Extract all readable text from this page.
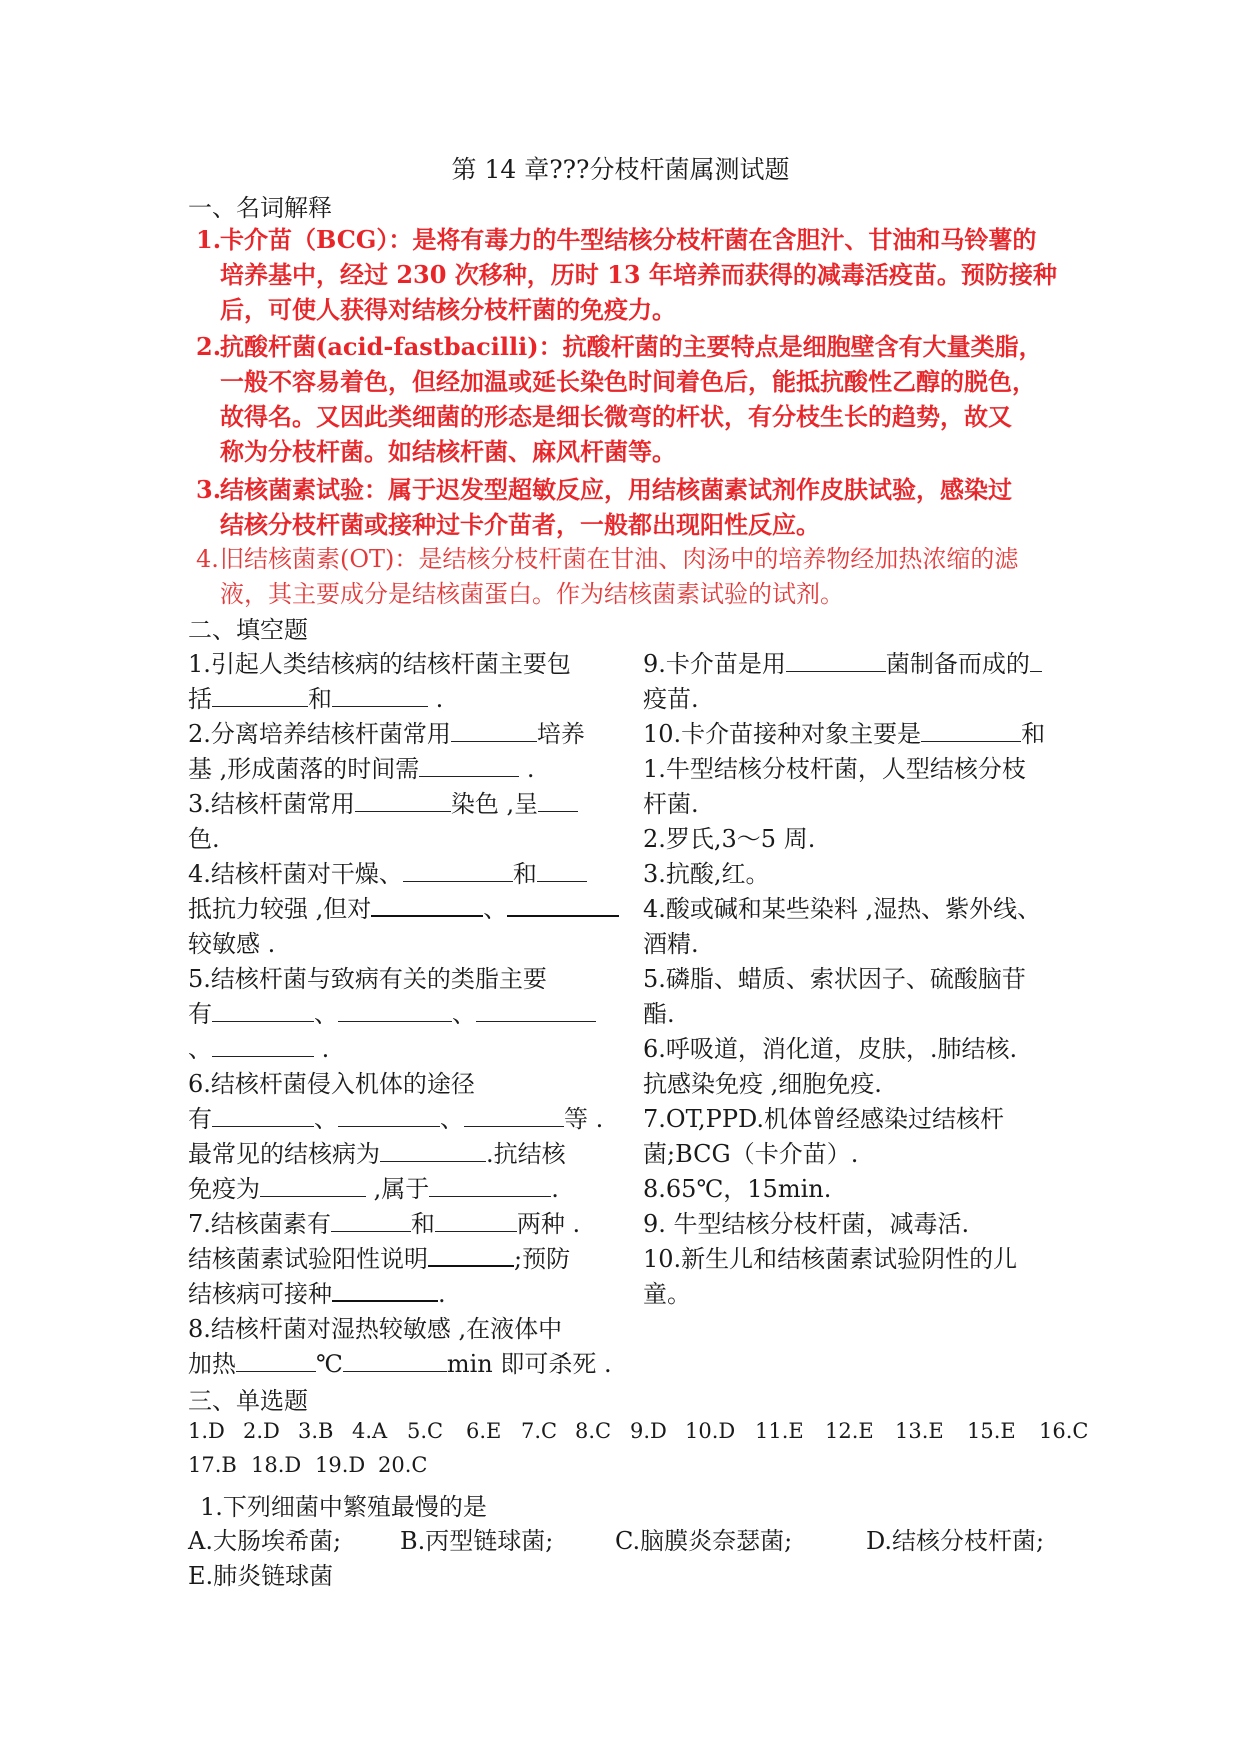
第 14 章???分枝杆菌属测试题
一、名词解释
1.
卡介苗（BCG）：是将有毒力的牛型结核分枝杆菌在含胆汁、甘油和马铃薯的
培养基中，经过 230 次移种，历时 13 年培养而获得的减毒活疫苗。预防接种
后，可使人获得对结核分枝杆菌的免疫力。
2.
抗酸杆菌(acid-fastbacilli)：抗酸杆菌的主要特点是细胞壁含有大量类脂，
一般不容易着色，但经加温或延长染色时间着色后，能抵抗酸性乙醇的脱色，
故得名。又因此类细菌的形态是细长微弯的杆状，有分枝生长的趋势，故又
称为分枝杆菌。如结核杆菌、麻风杆菌等。
3.
结核菌素试验：属于迟发型超敏反应，用结核菌素试剂作皮肤试验，感染过
结核分枝杆菌或接种过卡介苗者，一般都出现阳性反应。
4. 旧结核菌素(OT)：是结核分枝杆菌在甘油、肉汤中的培养物经加热浓缩的滤
液，其主要成分是结核菌蛋白。作为结核菌素试验的试剂。
二、填空题
1.引起人类结核病的结核杆菌主要包
括	和	.
2.分离培养结核杆菌常用	培养
基 ,形成菌落的时间需	.
3.结核杆菌常用	染色 ,呈
色.
4.结核杆菌对干燥、	和
抵抗力较强 ,但对	、
较敏感 .
5.结核杆菌与致病有关的类脂主要
有	、	、
、	.
6.结核杆菌侵入机体的途径
有	、	、	等 .
最常见的结核病为	.抗结核
免疫为	,属于	.
7.结核菌素有	和	两种 .
结核菌素试验阳性说明	;预防
结核病可接种	.
8.结核杆菌对湿热较敏感 ,在液体中
加热	℃	min 即可杀死 .
9.卡介苗是用	菌制备而成的
疫苗.
10.卡介苗接种对象主要是	和
1.牛型结核分枝杆菌，人型结核分枝
杆菌.
2.罗氏,3～5 周.
3.抗酸,红。
4.酸或碱和某些染料 ,湿热、紫外线、
酒精.
5.磷脂、蜡质、索状因子、硫酸脑苷
酯.
6.呼吸道，消化道，皮肤，.肺结核.
抗感染免疫 ,细胞免疫.
7.OT,PPD.机体曾经感染过结核杆
菌;BCG（卡介苗）.
8.65℃，15min.
9. 牛型结核分枝杆菌，减毒活.
10.新生儿和结核菌素试验阴性的儿
童。
三、单选题
1.D 2.D 3.B 4.A 5.C 6.E 7.C 8.C 9.D 10.D 11.E 12.E 13.E 15.E 16.C
17.B 18.D 19.D 20.C
1.下列细菌中繁殖最慢的是
A.大肠埃希菌; B.丙型链球菌;	C.脑膜炎奈瑟菌;	D.结核分枝杆菌;
E.肺炎链球菌
